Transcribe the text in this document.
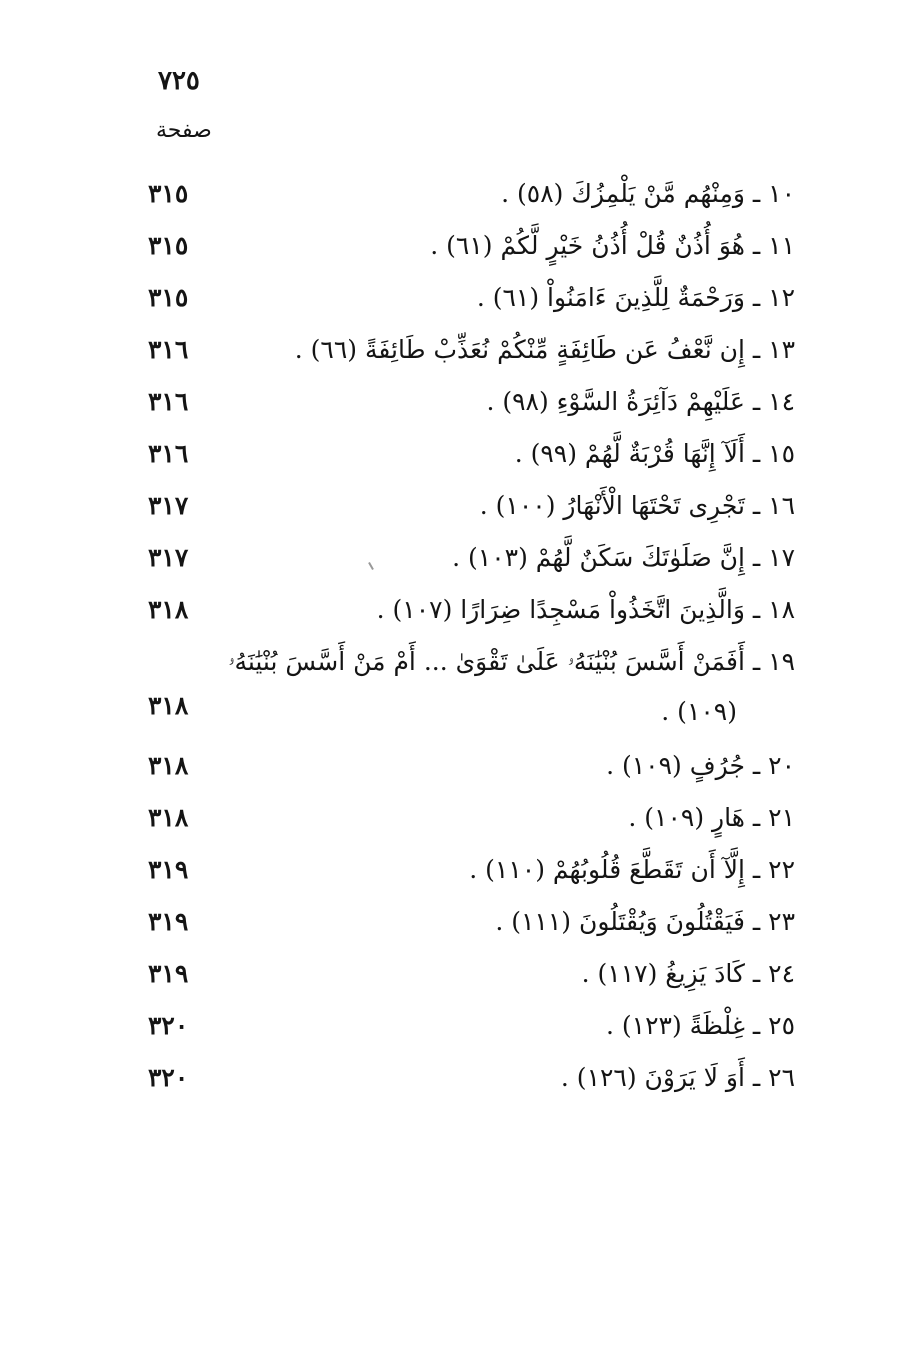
٧٢٥
صفحة
١٠ ـ وَمِنْهُم مَّنْ يَلْمِزُكَ (٥٨) .
٣١٥
١١ ـ هُوَ أُذُنٌ قُلْ أُذُنُ خَيْرٍ لَّكُمْ (٦١) .
٣١٥
١٢ ـ وَرَحْمَةٌ لِلَّذِينَ ءَامَنُواْ (٦١) .
٣١٥
١٣ ـ إِن نَّعْفُ عَن طَائِفَةٍ مِّنْكُمْ نُعَذِّبْ طَائِفَةً (٦٦) .
٣١٦
١٤ ـ عَلَيْهِمْ دَآئِرَةُ السَّوْءِ (٩٨) .
٣١٦
١٥ ـ أَلَآ إِنَّهَا قُرْبَةٌ لَّهُمْ (٩٩) .
٣١٦
١٦ ـ تَجْرِى تَحْتَهَا الْأَنْهَارُ (١٠٠) .
٣١٧
١٧ ـ إِنَّ صَلَوٰتَكَ سَكَنٌ لَّهُمْ (١٠٣) .
٣١٧
١٨ ـ وَالَّذِينَ اتَّخَذُواْ مَسْجِدًا ضِرَارًا (١٠٧) .
٣١٨
١٩ ـ أَفَمَنْ أَسَّسَ بُنْيَٰنَهُۥ عَلَىٰ تَقْوَىٰ ... أَمْ مَنْ أَسَّسَ بُنْيَٰنَهُۥ
(١٠٩) .
٣١٨
٢٠ ـ جُرُفٍ (١٠٩) .
٣١٨
٢١ ـ هَارٍ (١٠٩) .
٣١٨
٢٢ ـ إِلَّآ أَن تَقَطَّعَ قُلُوبُهُمْ (١١٠) .
٣١٩
٢٣ ـ فَيَقْتُلُونَ وَيُقْتَلُونَ (١١١) .
٣١٩
٢٤ ـ كَادَ يَزِيغُ (١١٧) .
٣١٩
٢٥ ـ غِلْظَةً (١٢٣) .
٣٢٠
٢٦ ـ أَوَ لَا يَرَوْنَ (١٢٦) .
٣٢٠
